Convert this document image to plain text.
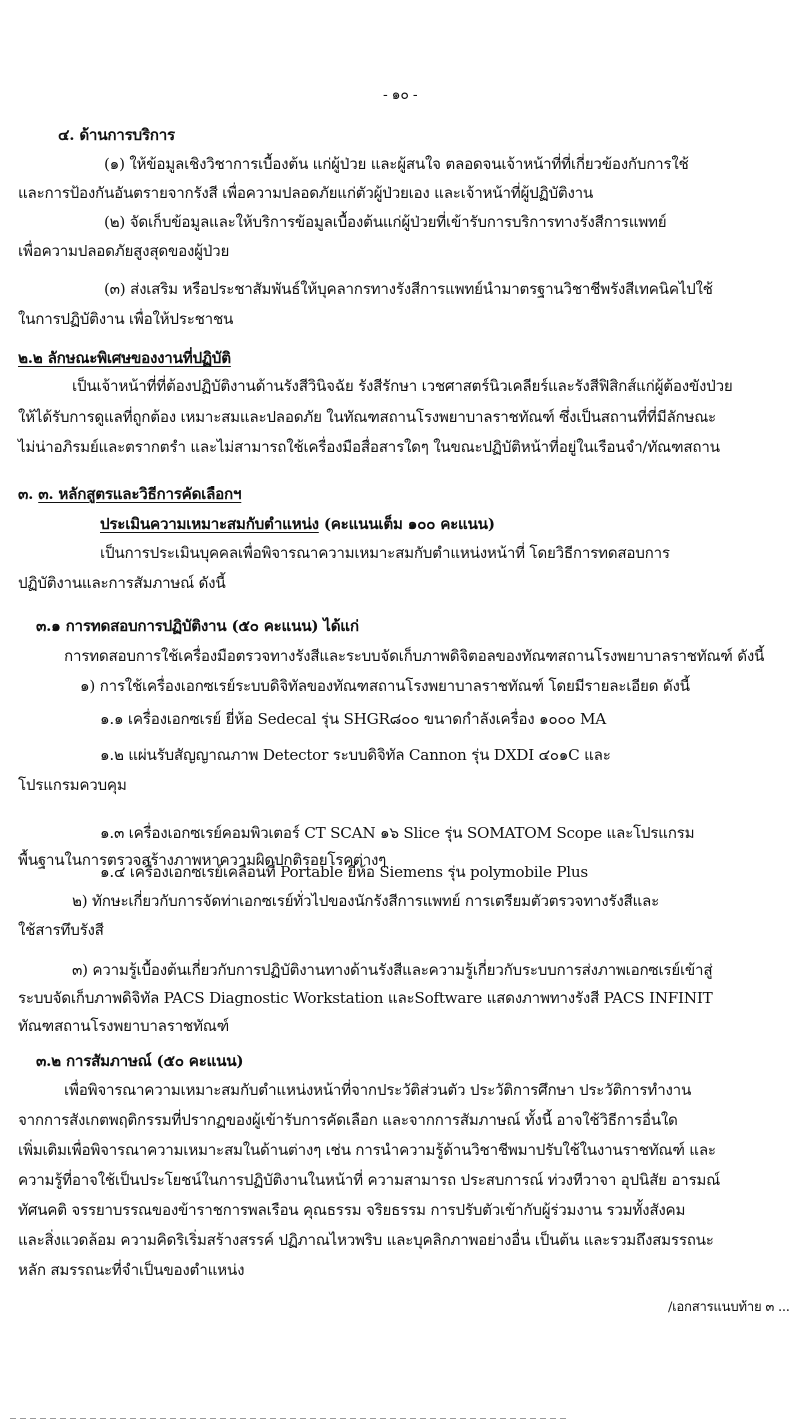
- ๑๐ -

๔. ด้านการบริการ

(๑) ให้ข้อมูลเชิงวิชาการเบื้องต้น แก่ผู้ป่วย และผู้สนใจ ตลอดจนเจ้าหน้าที่ที่เกี่ยวข้องกับการใช้

และการป้องกันอันตรายจากรังสี เพื่อความปลอดภัยแก่ตัวผู้ป่วยเอง และเจ้าหน้าที่ผู้ปฏิบัติงาน

(๒) จัดเก็บข้อมูลและให้บริการข้อมูลเบื้องต้นแก่ผู้ป่วยที่เข้ารับการบริการทางรังสีการแพทย์

เพื่อความปลอดภัยสูงสุดของผู้ป่วย

(๓) ส่งเสริม หรือประชาสัมพันธ์ให้บุคลากรทางรังสีการแพทย์นำมาตรฐานวิชาชีพรังสีเทคนิคไปใช้

ในการปฏิบัติงาน เพื่อให้ประชาชน

๒.๒ ลักษณะพิเศษของงานที่ปฏิบัติ

เป็นเจ้าหน้าที่ที่ต้องปฏิบัติงานด้านรังสีวินิจฉัย รังสีรักษา เวชศาสตร์นิวเคลียร์และรังสีฟิสิกส์แก่ผู้ต้องขังป่วย

ให้ได้รับการดูแลที่ถูกต้อง เหมาะสมและปลอดภัย ในทัณฑสถานโรงพยาบาลราชทัณฑ์ ซึ่งเป็นสถานที่ที่มีลักษณะ

ไม่น่าอภิรมย์และตรากตรำ และไม่สามารถใช้เครื่องมือสื่อสารใดๆ ในขณะปฏิบัติหน้าที่อยู่ในเรือนจำ/ทัณฑสถาน

๓. ๓. หลักสูตรและวิธีการคัดเลือกฯ

ประเมินความเหมาะสมกับตำแหน่ง (คะแนนเต็ม ๑๐๐ คะแนน)

เป็นการประเมินบุคคลเพื่อพิจารณาความเหมาะสมกับตำแหน่งหน้าที่ โดยวิธีการทดสอบการ

ปฏิบัติงานและการสัมภาษณ์ ดังนี้

๓.๑ การทดสอบการปฏิบัติงาน (๕๐ คะแนน) ได้แก่

การทดสอบการใช้เครื่องมือตรวจทางรังสีและระบบจัดเก็บภาพดิจิตอลของทัณฑสถานโรงพยาบาลราชทัณฑ์ ดังนี้

๑) การใช้เครื่องเอกซเรย์ระบบดิจิทัลของทัณฑสถานโรงพยาบาลราชทัณฑ์ โดยมีรายละเอียด ดังนี้

๑.๑ เครื่องเอกซเรย์ ยี่ห้อ Sedecal รุ่น SHGR๘๐๐ ขนาดกำลังเครื่อง ๑๐๐๐ MA

๑.๒ แผ่นรับสัญญาณภาพ Detector ระบบดิจิทัล Cannon รุ่น DXDI ๔๐๑C และ

โปรแกรมควบคุม

๑.๓ เครื่องเอกซเรย์คอมพิวเตอร์ CT SCAN ๑๖ Slice รุ่น SOMATOM Scope และโปรแกรม

พื้นฐานในการตรวจสร้างภาพหาความผิดปกติรอยโรคต่างๆ

๑.๔ เครื่องเอกซเรย์เคลื่อนที่ Portable ยี่ห้อ Siemens รุ่น polymobile Plus

๒) ทักษะเกี่ยวกับการจัดท่าเอกซเรย์ทั่วไปของนักรังสีการแพทย์ การเตรียมตัวตรวจทางรังสีและ

ใช้สารทึบรังสี

๓) ความรู้เบื้องต้นเกี่ยวกับการปฏิบัติงานทางด้านรังสีและความรู้เกี่ยวกับระบบการส่งภาพเอกซเรย์เข้าสู่

ระบบจัดเก็บภาพดิจิทัล PACS Diagnostic Workstation และSoftware แสดงภาพทางรังสี PACS INFINIT

ทัณฑสถานโรงพยาบาลราชทัณฑ์

๓.๒ การสัมภาษณ์ (๕๐ คะแนน)

เพื่อพิจารณาความเหมาะสมกับตำแหน่งหน้าที่จากประวัติส่วนตัว ประวัติการศึกษา ประวัติการทำงาน

จากการสังเกตพฤติกรรมที่ปรากฏของผู้เข้ารับการคัดเลือก และจากการสัมภาษณ์ ทั้งนี้ อาจใช้วิธีการอื่นใด

เพิ่มเติมเพื่อพิจารณาความเหมาะสมในด้านต่างๆ เช่น การนำความรู้ด้านวิชาชีพมาปรับใช้ในงานราชทัณฑ์ และ

ความรู้ที่อาจใช้เป็นประโยชน์ในการปฏิบัติงานในหน้าที่ ความสามารถ ประสบการณ์ ท่วงทีวาจา อุปนิสัย อารมณ์

ทัศนคติ จรรยาบรรณของข้าราชการพลเรือน คุณธรรม จริยธรรม การปรับตัวเข้ากับผู้ร่วมงาน รวมทั้งสังคม

และสิ่งแวดล้อม ความคิดริเริ่มสร้างสรรค์ ปฏิภาณไหวพริบ และบุคลิกภาพอย่างอื่น เป็นต้น และรวมถึงสมรรถนะ

หลัก สมรรถนะที่จำเป็นของตำแหน่ง

/เอกสารแนบท้าย ๓ ...
